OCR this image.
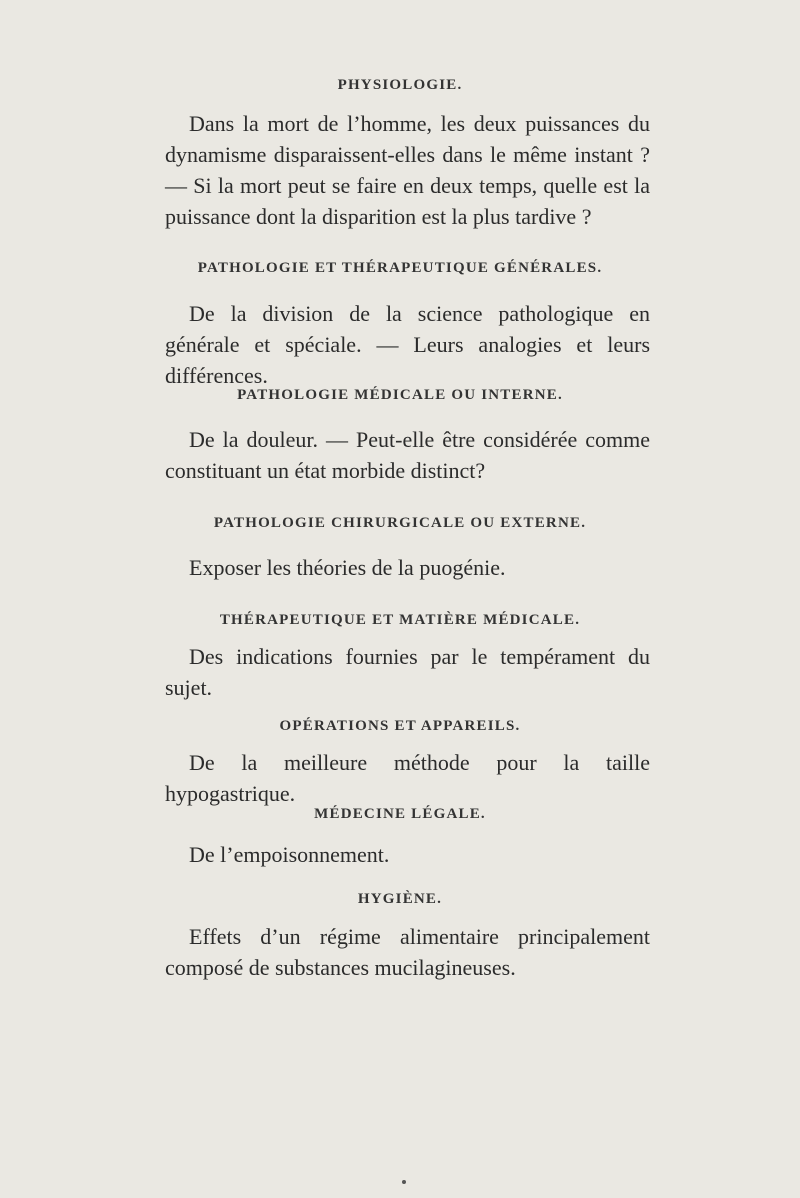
PHYSIOLOGIE.
Dans la mort de l’homme, les deux puissances du dynamisme disparaissent-elles dans le même instant ? — Si la mort peut se faire en deux temps, quelle est la puissance dont la disparition est la plus tardive ?
PATHOLOGIE ET THÉRAPEUTIQUE GÉNÉRALES.
De la division de la science pathologique en générale et spéciale. — Leurs analogies et leurs différences.
PATHOLOGIE MÉDICALE OU INTERNE.
De la douleur. — Peut-elle être considérée comme constituant un état morbide distinct?
PATHOLOGIE CHIRURGICALE OU EXTERNE.
Exposer les théories de la puogénie.
THÉRAPEUTIQUE ET MATIÈRE MÉDICALE.
Des indications fournies par le tempérament du sujet.
OPÉRATIONS ET APPAREILS.
De la meilleure méthode pour la taille hypogastrique.
MÉDECINE LÉGALE.
De l’empoisonnement.
HYGIÈNE.
Effets d’un régime alimentaire principalement composé de substances mucilagineuses.
